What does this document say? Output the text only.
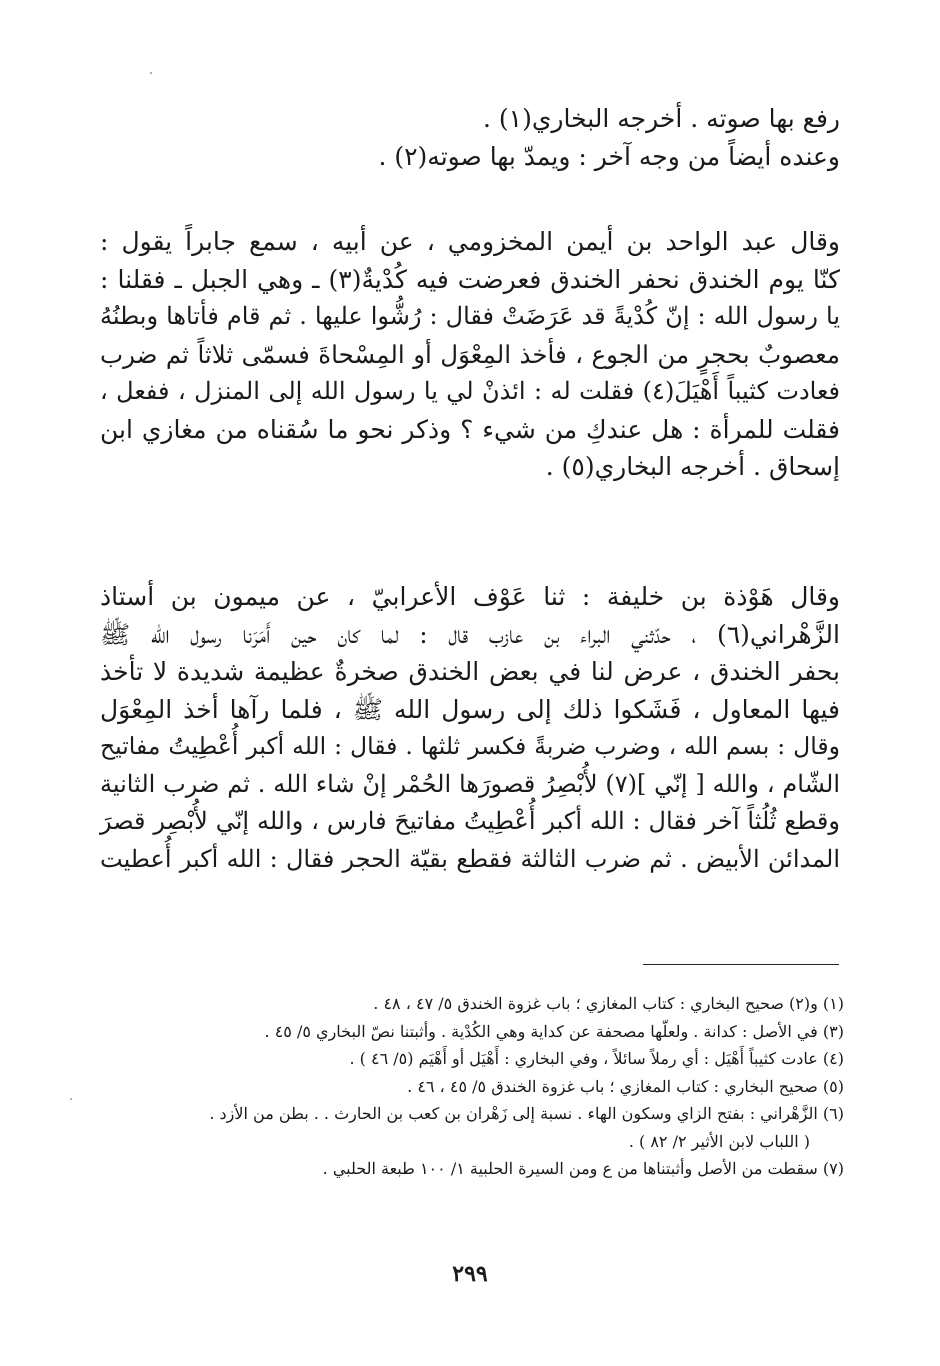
رفع بها صوته . أخرجه البخاري(١) .
وعنده أيضاً من وجه آخر : ويمدّ بها صوته(٢) .
وقال عبد الواحد بن أيمن المخزومي ، عن أبيه ، سمع جابراً يقول :
كنّا يوم الخندق نحفر الخندق فعرضت فيه كُدْيةٌ(٣) ـ وهي الجبل ـ فقلنا :
يا رسول الله : إنّ كُدْيةً قد عَرَضَتْ فقال : رُشُّوا عليها . ثم قام فأتاها وبطنُهُ
معصوبٌ بحجرٍ من الجوع ، فأخذ المِعْوَل أو المِسْحاةَ فسمّى ثلاثاً ثم ضرب
فعادت كثيباً أَهْيَلَ(٤) فقلت له : ائذنْ لي يا رسول الله إلى المنزل ، ففعل ،
فقلت للمرأة : هل عندكِ من شيء ؟ وذكر نحو ما سُقناه من مغازي ابن
إسحاق . أخرجه البخاري(٥) .
وقال هَوْذة بن خليفة : ثنا عَوْف الأعرابيّ ، عن ميمون بن أستاذ
الزَّهْراني(٦) ، حدّثني البراء بن عازب قال : لما كان حين أَمَرَنا رسول الله ﷺ
بحفر الخندق ، عرض لنا في بعض الخندق صخرةٌ عظيمة شديدة لا تأخذ
فيها المعاول ، فَشَكوا ذلك إلى رسول الله ﷺ ، فلما رآها أخذ المِعْوَل
وقال : بسم الله ، وضرب ضربةً فكسر ثلثها . فقال : الله أكبر أُعْطِيتُ مفاتيح
الشّام ، والله [ إنّي ](٧) لأُبْصِرُ قصورَها الحُمْر إنْ شاء الله . ثم ضرب الثانية
وقطع ثُلُثاً آخر فقال : الله أكبر أُعْطِيتُ مفاتيحَ فارس ، والله إنّي لأُبْصِر قصرَ
المدائن الأبيض . ثم ضرب الثالثة فقطع بقيّة الحجر فقال : الله أكبر أُعطيت
(١) و(٢) صحيح البخاري : كتاب المغازي ؛ باب غزوة الخندق ٥/ ٤٧ ، ٤٨ .
(٣) في الأصل : كدانة . ولعلّها مصحفة عن كداية وهي الكُدْية . وأثبتنا نصّ البخاري ٥/ ٤٥ .
(٤) عادت كثيباً أَهْيَل : أي رملاً سائلاً ، وفي البخاري : أَهْيَل أو أَهْيَم (٥/ ٤٦ ) .
(٥) صحيح البخاري : كتاب المغازي ؛ باب غزوة الخندق ٥/ ٤٥ ، ٤٦ .
(٦) الزَّهْراني : بفتح الزاي وسكون الهاء . نسبة إلى زَهْران بن كعب بن الحارث . . بطن من الأزد .
( اللباب لابن الأثير ٢/ ٨٢ ) .
(٧) سقطت من الأصل وأثبتناها من ع ومن السيرة الحلبية ١/ ١٠٠ طبعة الحلبي .
٢٩٩
